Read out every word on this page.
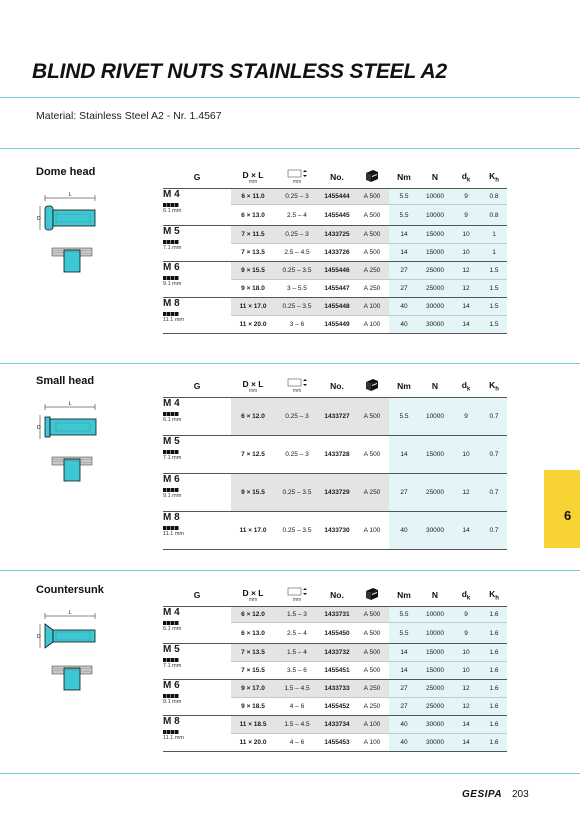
BLIND RIVET NUTS STAINLESS STEEL A2
Material: Stainless Steel A2 - Nr. 1.4567
Dome head
L
D
G	D × L
mm	mm	No.		Nm	N	$d_k$	$K_h$

M 4
6.1 mm	6 × 11.0	0.25 – 3	1455444	A 500	5.5	10000	9	0.8
	6 × 13.0	2.5 – 4	1455445	A 500	5.5	10000	9	0.8

M 5
7.1 mm	7 × 11.5	0.25 – 3	1433725	A 500	14	15000	10	1
	7 × 13.5	2.5 – 4.5	1433726	A 500	14	15000	10	1

M 6
9.1 mm	9 × 15.5	0.25 – 3.5	1455446	A 250	27	25000	12	1.5
	9 × 18.0	3 – 5.5	1455447	A 250	27	25000	12	1.5

M 8
11.1 mm	11 × 17.0	0.25 – 3.5	1455448	A 100	40	30000	14	1.5
	11 × 20.0	3 – 6	1455449	A 100	40	30000	14	1.5
Small head
L
D
G	D × L
mm	mm	No.		Nm	N	$d_k$	$K_h$

M 4
6.1 mm	6 × 12.0	0.25 – 3	1433727	A 500	5.5	10000	9	0.7

M 5
7.1 mm	7 × 12.5	0.25 – 3	1433728	A 500	14	15000	10	0.7

M 6
9.1 mm	9 × 15.5	0.25 – 3.5	1433729	A 250	27	25000	12	0.7

M 8
11.1 mm	11 × 17.0	0.25 – 3.5	1433730	A 100	40	30000	14	0.7
Countersunk
L
D
G	D × L
mm	mm	No.		Nm	N	$d_k$	$K_h$

M 4
6.1 mm	6 × 12.0	1.5 – 3	1433731	A 500	5.5	10000	9	1.6
	6 × 13.0	2.5 – 4	1455450	A 500	5.5	10000	9	1.6

M 5
7.1 mm	7 × 13.5	1.5 – 4	1433732	A 500	14	15000	10	1.6
	7 × 15.5	3.5 – 6	1455451	A 500	14	15000	10	1.6

M 6
9.1 mm	9 × 17.0	1.5 – 4.5	1433733	A 250	27	25000	12	1.6
	9 × 18.5	4 – 6	1455452	A 250	27	25000	12	1.6

M 8
11.1 mm	11 × 18.5	1.5 – 4.5	1433734	A 100	40	30000	14	1.6
	11 × 20.0	4 – 6	1455453	A 100	40	30000	14	1.6
6
GESIPA 203
